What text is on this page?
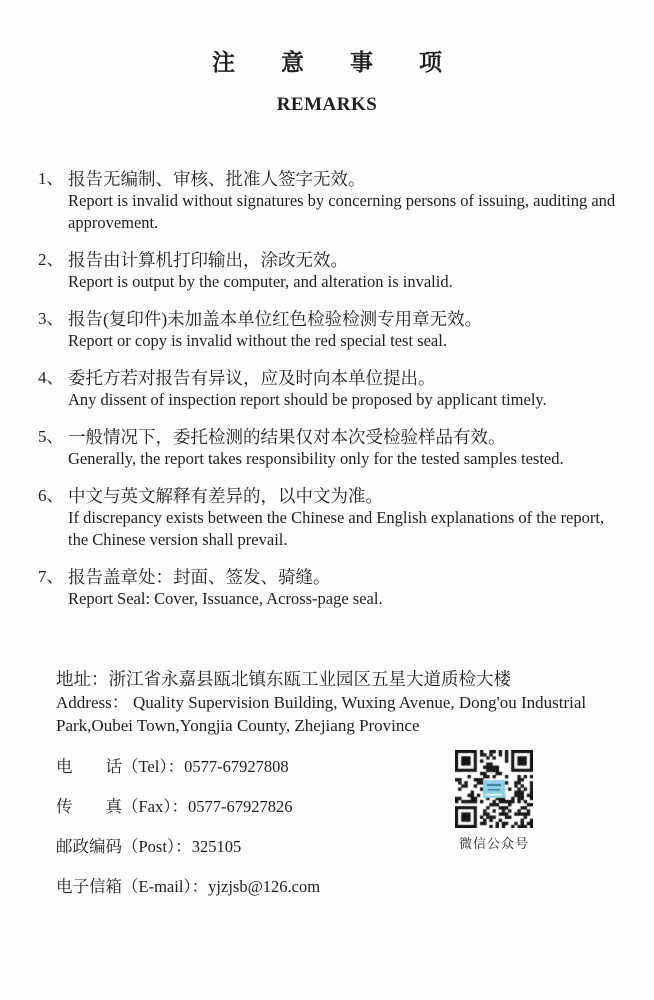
注　　意　　事　　项
REMARKS
1、 报告无编制、审核、批准人签字无效。
Report is invalid without signatures by concerning persons of issuing, auditing and approvement.
2、 报告由计算机打印输出，涂改无效。
Report is output by the computer, and alteration is invalid.
3、 报告(复印件)未加盖本单位红色检验检测专用章无效。
Report or copy is invalid without the red special test seal.
4、 委托方若对报告有异议，应及时向本单位提出。
Any dissent of inspection report should be proposed by applicant timely.
5、 一般情况下，委托检测的结果仅对本次受检验样品有效。
Generally, the report takes responsibility only for the tested samples tested.
6、 中文与英文解释有差异的，以中文为准。
If discrepancy exists between the Chinese and English explanations of the report, the Chinese version shall prevail.
7、 报告盖章处：封面、签发、骑缝。
Report Seal: Cover, Issuance, Across-page seal.
地址：浙江省永嘉县瓯北镇东瓯工业园区五星大道质检大楼
Address： Quality Supervision Building, Wuxing Avenue, Dong'ou Industrial Park,Oubei Town,Yongjia County, Zhejiang Province
电　　话（Tel）：0577-67927808
传　　真（Fax）：0577-67927826
邮政编码（Post）：325105
电子信箱（E-mail）：yjzjsb@126.com
微信公众号
